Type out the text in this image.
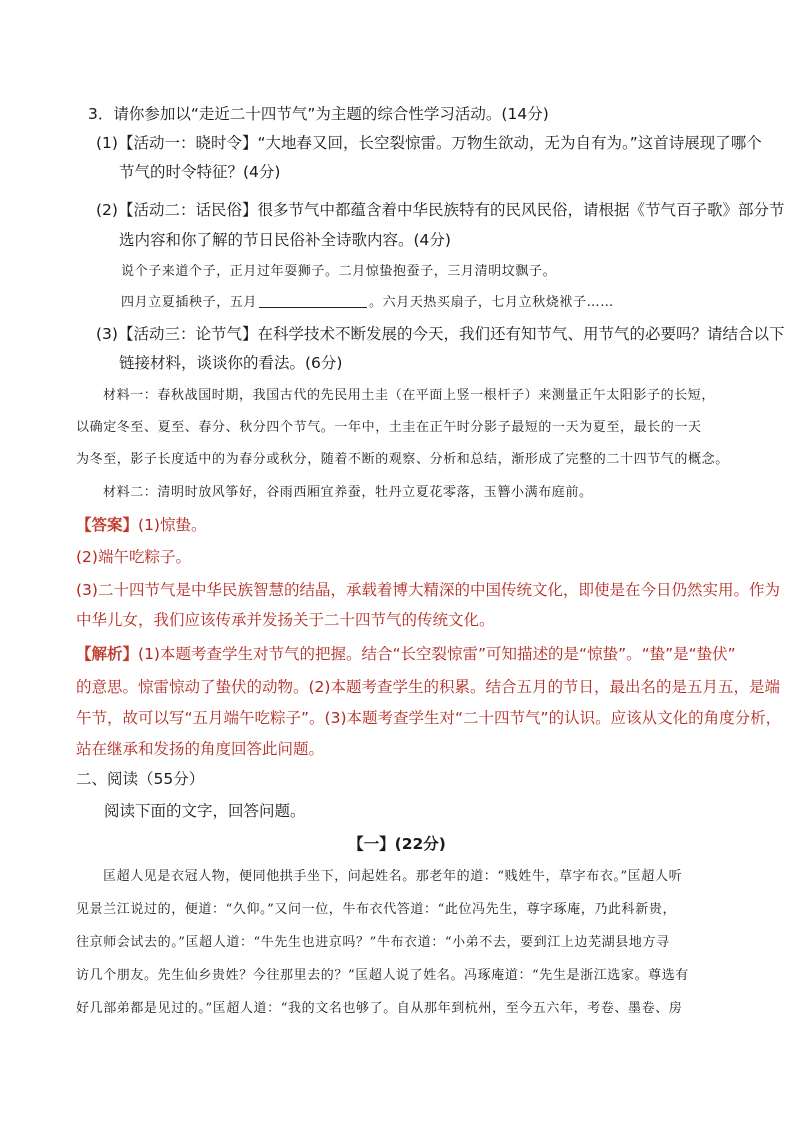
3．请你参加以“走近二十四节气”为主题的综合性学习活动。(14分)
(1)【活动一：晓时令】“大地春又回，长空裂惊雷。万物生欲动，无为自有为。”这首诗展现了哪个
节气的时令特征？(4分)
(2)【活动二：话民俗】很多节气中都蕴含着中华民族特有的民风民俗，请根据《节气百子歌》部分节
选内容和你了解的节日民俗补全诗歌内容。(4分)
说个子来道个子，正月过年耍狮子。二月惊蛰抱蚕子，三月清明坟飘子。
四月立夏插秧子，五月	。六月天热买扇子，七月立秋烧袱子……
(3)【活动三：论节气】在科学技术不断发展的今天，我们还有知节气、用节气的必要吗？请结合以下
链接材料，谈谈你的看法。(6分)
材料一：春秋战国时期，我国古代的先民用土圭（在平面上竖一根杆子）来测量正午太阳影子的长短，
以确定冬至、夏至、春分、秋分四个节气。一年中，土圭在正午时分影子最短的一天为夏至，最长的一天
为冬至，影子长度适中的为春分或秋分，随着不断的观察、分析和总结，渐形成了完整的二十四节气的概念。
材料二：清明时放风筝好，谷雨西厢宜养蚕，牡丹立夏花零落，玉簪小满布庭前。
【答案】(1)惊蛰。
(2)端午吃粽子。
(3)二十四节气是中华民族智慧的结晶，承载着博大精深的中国传统文化，即使是在今日仍然实用。作为
中华儿女，我们应该传承并发扬关于二十四节气的传统文化。
【解析】(1)本题考查学生对节气的把握。结合“长空裂惊雷”可知描述的是“惊蛰”。“蛰”是“蛰伏”
的意思。惊雷惊动了蛰伏的动物。(2)本题考查学生的积累。结合五月的节日，最出名的是五月五，是端
午节，故可以写“五月端午吃粽子”。(3)本题考查学生对“二十四节气”的认识。应该从文化的角度分析，
站在继承和发扬的角度回答此问题。
二、阅读（55分）
阅读下面的文字，回答问题。
【一】(22分)
匡超人见是衣冠人物，便同他拱手坐下，问起姓名。那老年的道：“贱姓牛，草字布衣。”匡超人听
见景兰江说过的，便道：“久仰。”又问一位，牛布衣代答道：“此位冯先生，尊字琢庵，乃此科新贵，
往京师会试去的。”匡超人道：“牛先生也进京吗？”牛布衣道：“小弟不去，要到江上边芜湖县地方寻
访几个朋友。先生仙乡贵姓？今往那里去的？”匡超人说了姓名。冯琢庵道：“先生是浙江选家。尊选有
好几部弟都是见过的。”匡超人道：“我的文名也够了。自从那年到杭州，至今五六年，考卷、墨卷、房
